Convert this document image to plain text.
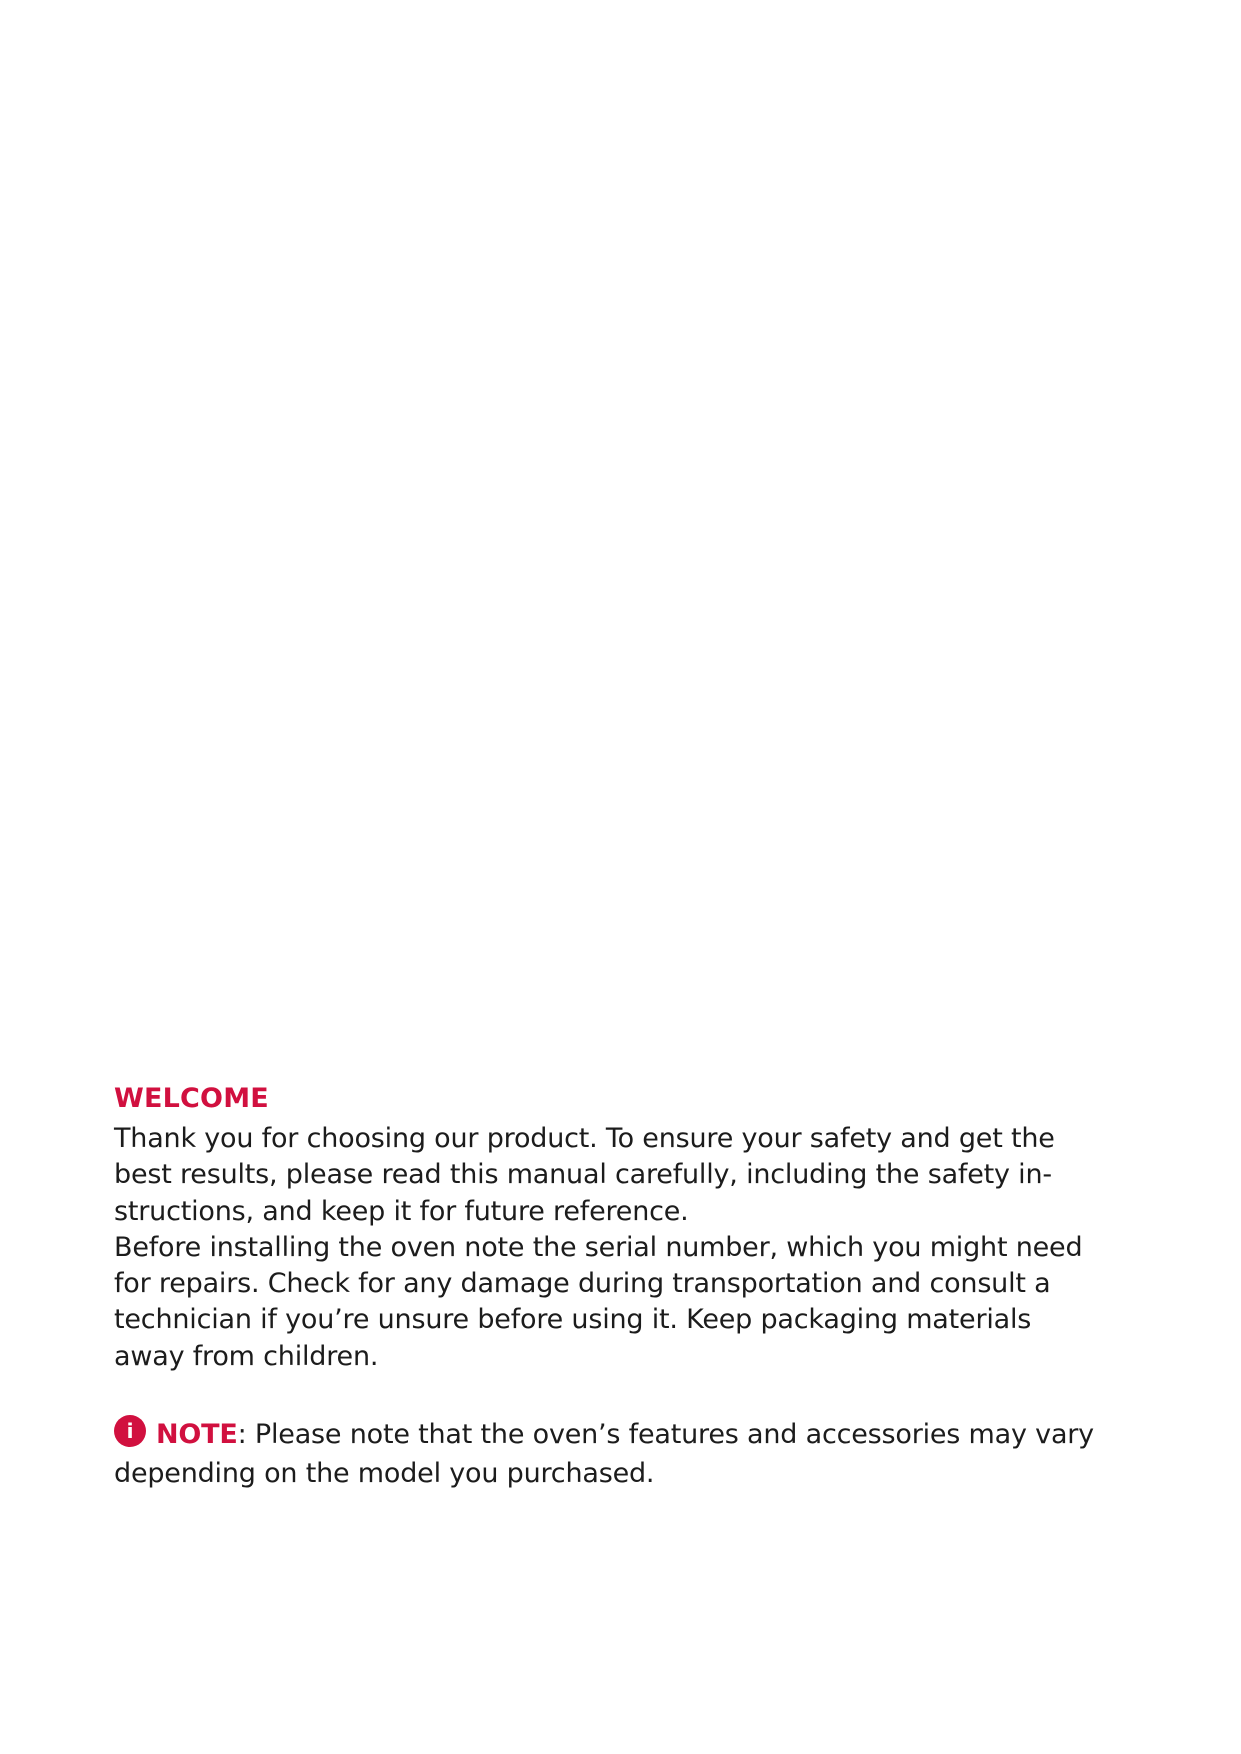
WELCOME

Thank you for choosing our product. To ensure your safety and get the
best results, please read this manual carefully, including the safety in-
structions, and keep it for future reference.
Before installing the oven note the serial number, which you might need
for repairs. Check for any damage during transportation and consult a
technician if you’re unsure before using it. Keep packaging materials
away from children.

i NOTE: Please note that the oven’s features and accessories may vary
depending on the model you purchased.
